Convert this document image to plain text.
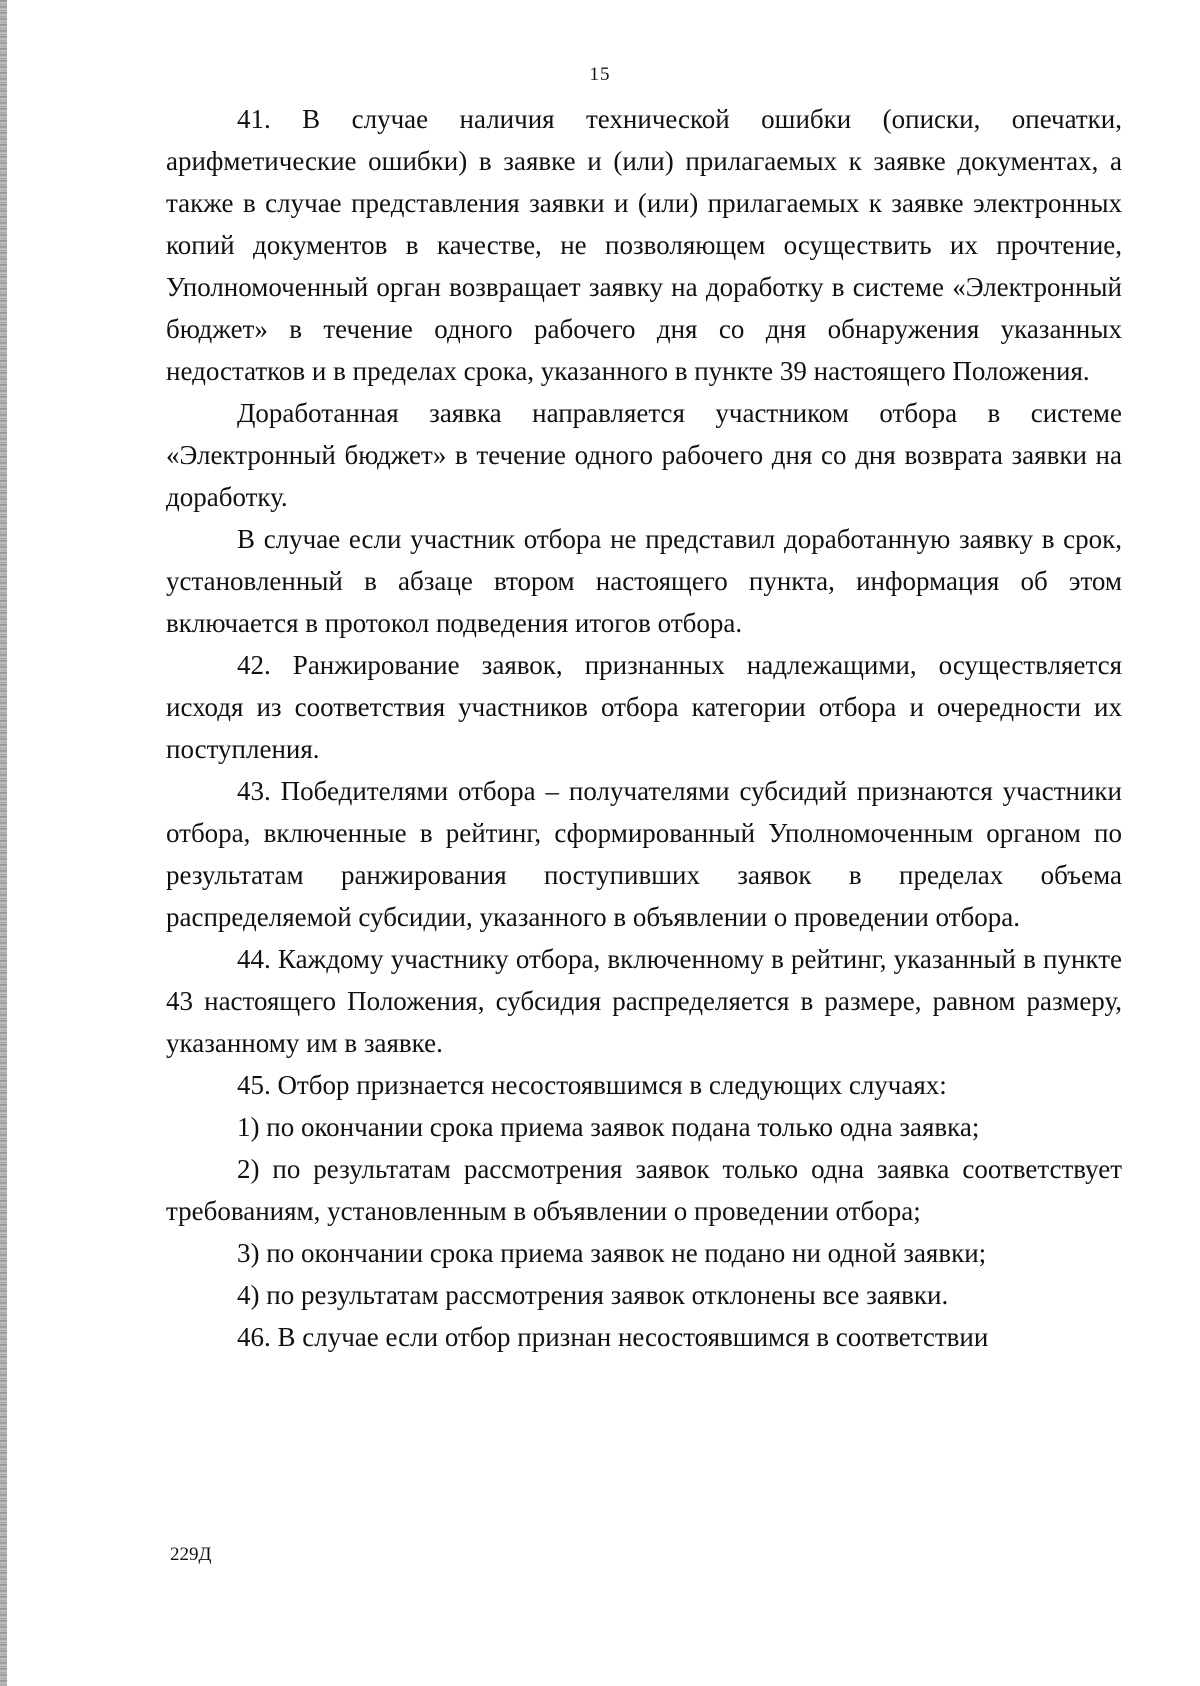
15

41. В случае наличия технической ошибки (описки, опечатки, арифметические ошибки) в заявке и (или) прилагаемых к заявке документах, а также в случае представления заявки и (или) прилагаемых к заявке электронных копий документов в качестве, не позволяющем осуществить их прочтение, Уполномоченный орган возвращает заявку на доработку в системе «Электронный бюджет» в течение одного рабочего дня со дня обнаружения указанных недостатков и в пределах срока, указанного в пункте 39 настоящего Положения.

Доработанная заявка направляется участником отбора в системе «Электронный бюджет» в течение одного рабочего дня со дня возврата заявки на доработку.

В случае если участник отбора не представил доработанную заявку в срок, установленный в абзаце втором настоящего пункта, информация об этом включается в протокол подведения итогов отбора.

42. Ранжирование заявок, признанных надлежащими, осуществляется исходя из соответствия участников отбора категории отбора и очередности их поступления.

43. Победителями отбора – получателями субсидий признаются участники отбора, включенные в рейтинг, сформированный Уполномоченным органом по результатам ранжирования поступивших заявок в пределах объема распределяемой субсидии, указанного в объявлении о проведении отбора.

44. Каждому участнику отбора, включенному в рейтинг, указанный в пункте 43 настоящего Положения, субсидия распределяется в размере, равном размеру, указанному им в заявке.

45. Отбор признается несостоявшимся в следующих случаях:

1) по окончании срока приема заявок подана только одна заявка;

2) по результатам рассмотрения заявок только одна заявка соответствует требованиям, установленным в объявлении о проведении отбора;

3) по окончании срока приема заявок не подано ни одной заявки;

4) по результатам рассмотрения заявок отклонены все заявки.

46. В случае если отбор признан несостоявшимся в соответствии

229Д
